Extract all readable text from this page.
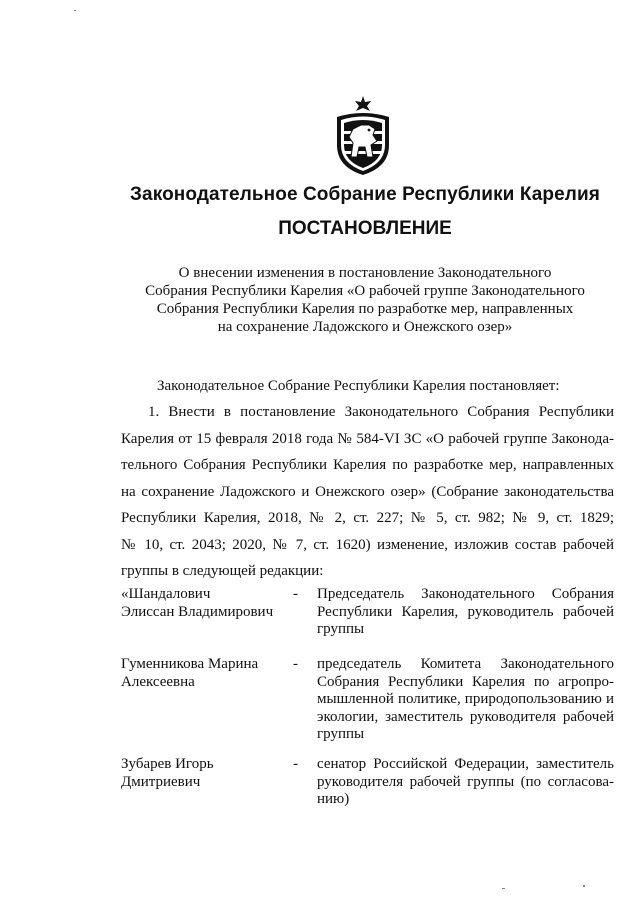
Законодательное Собрание Республики Карелия
ПОСТАНОВЛЕНИЕ
О внесении изменения в постановление Законодательного
Собрания Республики Карелия «О рабочей группе Законодательного
Собрания Республики Карелия по разработке мер, направленных
на сохранение Ладожского и Онежского озер»
Законодательное Собрание Республики Карелия постановляет:
1. Внести в постановление Законодательного Собрания Республики
Карелия от 15 февраля 2018 года № 584-VI ЗС «О рабочей группе Законода-
тельного Собрания Республики Карелия по разработке мер, направленных
на сохранение Ладожского и Онежского озер» (Собрание законодательства
Республики Карелия, 2018, № 2, ст. 227; № 5, ст. 982; № 9, ст. 1829;
№ 10, ст. 2043; 2020, № 7, ст. 1620) изменение, изложив состав рабочей
группы в следующей редакции:
«Шандалович
Элиссан Владимирович
- Председатель Законодательного Собрания
Республики Карелия, руководитель рабочей
группы
Гуменникова Марина
Алексеевна
- председатель Комитета Законодательного
Собрания Республики Карелия по агропро-
мышленной политике, природопользованию и
экологии, заместитель руководителя рабочей
группы
Зубарев Игорь
Дмитриевич
- сенатор Российской Федерации, заместитель
руководителя рабочей группы (по согласова-
нию)
